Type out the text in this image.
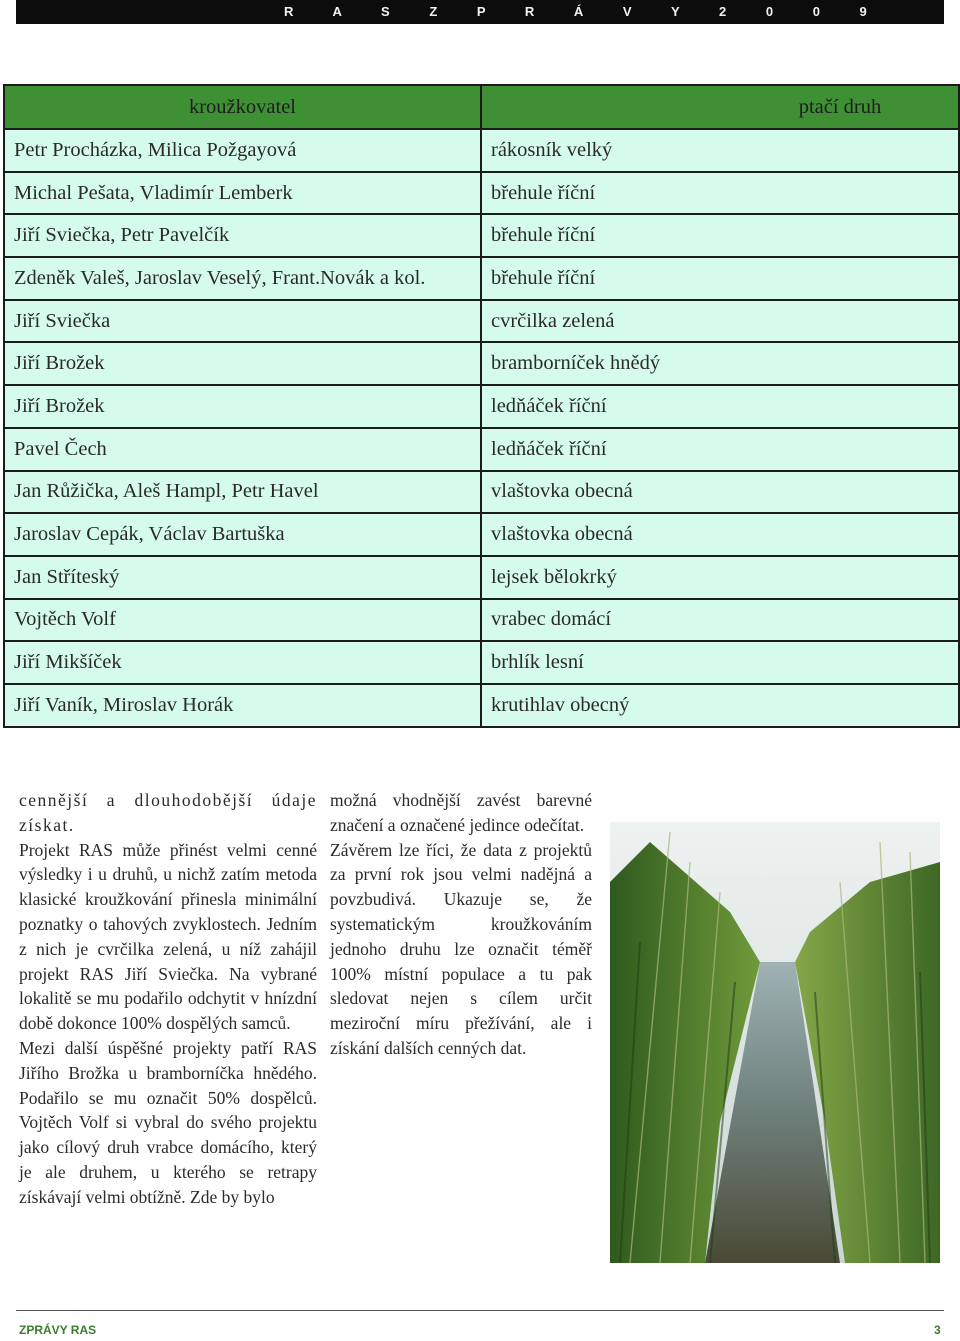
R A S Z P R Á V Y 2 0 0 9
kroužkovatel	ptačí druh
Petr Procházka, Milica Požgayová	rákosník velký
Michal Pešata, Vladimír Lemberk	břehule říční
Jiří Sviečka, Petr Pavelčík	břehule říční
Zdeněk Valeš, Jaroslav Veselý, Frant.Novák a kol.	břehule říční
Jiří Sviečka	cvrčilka zelená
Jiří Brožek	bramborníček hnědý
Jiří Brožek	ledňáček říční
Pavel Čech	ledňáček říční
Jan Růžička, Aleš Hampl, Petr Havel	vlaštovka obecná
Jaroslav Cepák, Václav Bartuška	vlaštovka obecná
Jan Stříteský	lejsek bělokrký
Vojtěch Volf	vrabec domácí
Jiří Mikšíček	brhlík lesní
Jiří Vaník, Miroslav Horák	krutihlav obecný

cennější a dlouhodobější údaje získat.

Projekt RAS může přinést velmi cenné výsledky i u druhů, u nichž zatím metoda klasické kroužkování přinesla minimální poznatky o tahových zvyklostech. Jedním z nich je cvrčilka zelená, u níž zahájil projekt RAS Jiří Sviečka. Na vybrané lokalitě se mu podařilo odchytit v hnízdní době dokonce 100% dospělých samců.

Mezi další úspěšné projekty patří RAS Jiřího Brožka u bramborníčka hnědého. Podařilo se mu označit 50% dospělců. Vojtěch Volf si vybral do svého projektu jako cílový druh vrabce domácího, který je ale druhem, u kterého se retrapy získávají velmi obtížně. Zde by bylo

možná vhodnější zavést barevné značení a označené jedince odečítat.

Závěrem lze říci, že data z projektů za první rok jsou velmi nadějná a povzbudivá. Ukazuje se, že systematickým kroužkováním jednoho druhu lze označit téměř 100% místní populace a tu pak sledovat nejen s cílem určit meziroční míru přežívání, ale i získání dalších cenných dat.

ZPRÁVY RAS	3
